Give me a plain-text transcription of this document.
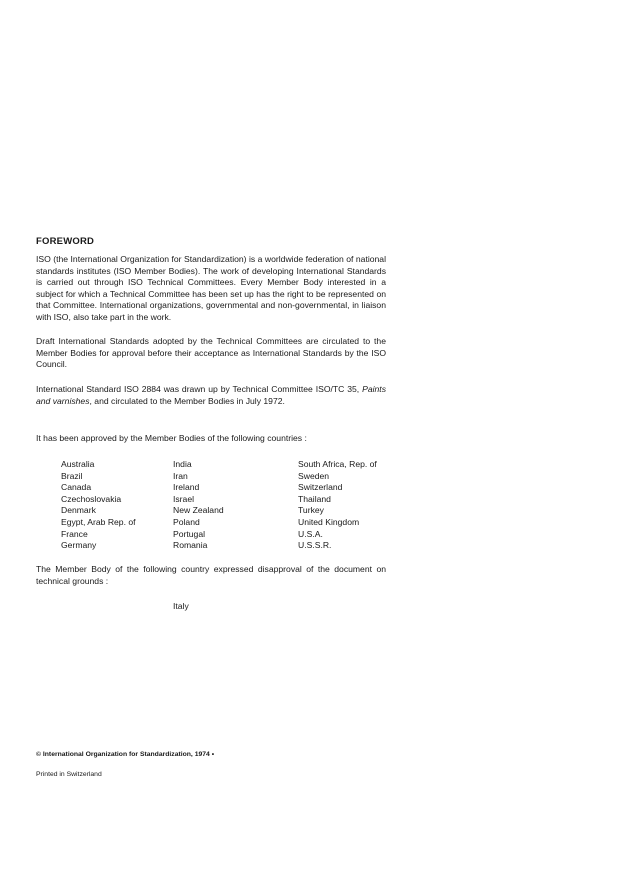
FOREWORD

ISO (the International Organization for Standardization) is a worldwide federation of national standards institutes (ISO Member Bodies). The work of developing International Standards is carried out through ISO Technical Committees. Every Member Body interested in a subject for which a Technical Committee has been set up has the right to be represented on that Committee. International organizations, governmental and non-governmental, in liaison with ISO, also take part in the work.

Draft International Standards adopted by the Technical Committees are circulated to the Member Bodies for approval before their acceptance as International Standards by the ISO Council.

International Standard ISO 2884 was drawn up by Technical Committee ISO/TC 35, Paints and varnishes, and circulated to the Member Bodies in July 1972.

It has been approved by the Member Bodies of the following countries :

Australia
Brazil
Canada
Czechoslovakia
Denmark
Egypt, Arab Rep. of
France
Germany
India
Iran
Ireland
Israel
New Zealand
Poland
Portugal
Romania
South Africa, Rep. of
Sweden
Switzerland
Thailand
Turkey
United Kingdom
U.S.A.
U.S.S.R.

The Member Body of the following country expressed disapproval of the document on technical grounds :

Italy
© International Organization for Standardization, 1974 •
Printed in Switzerland
